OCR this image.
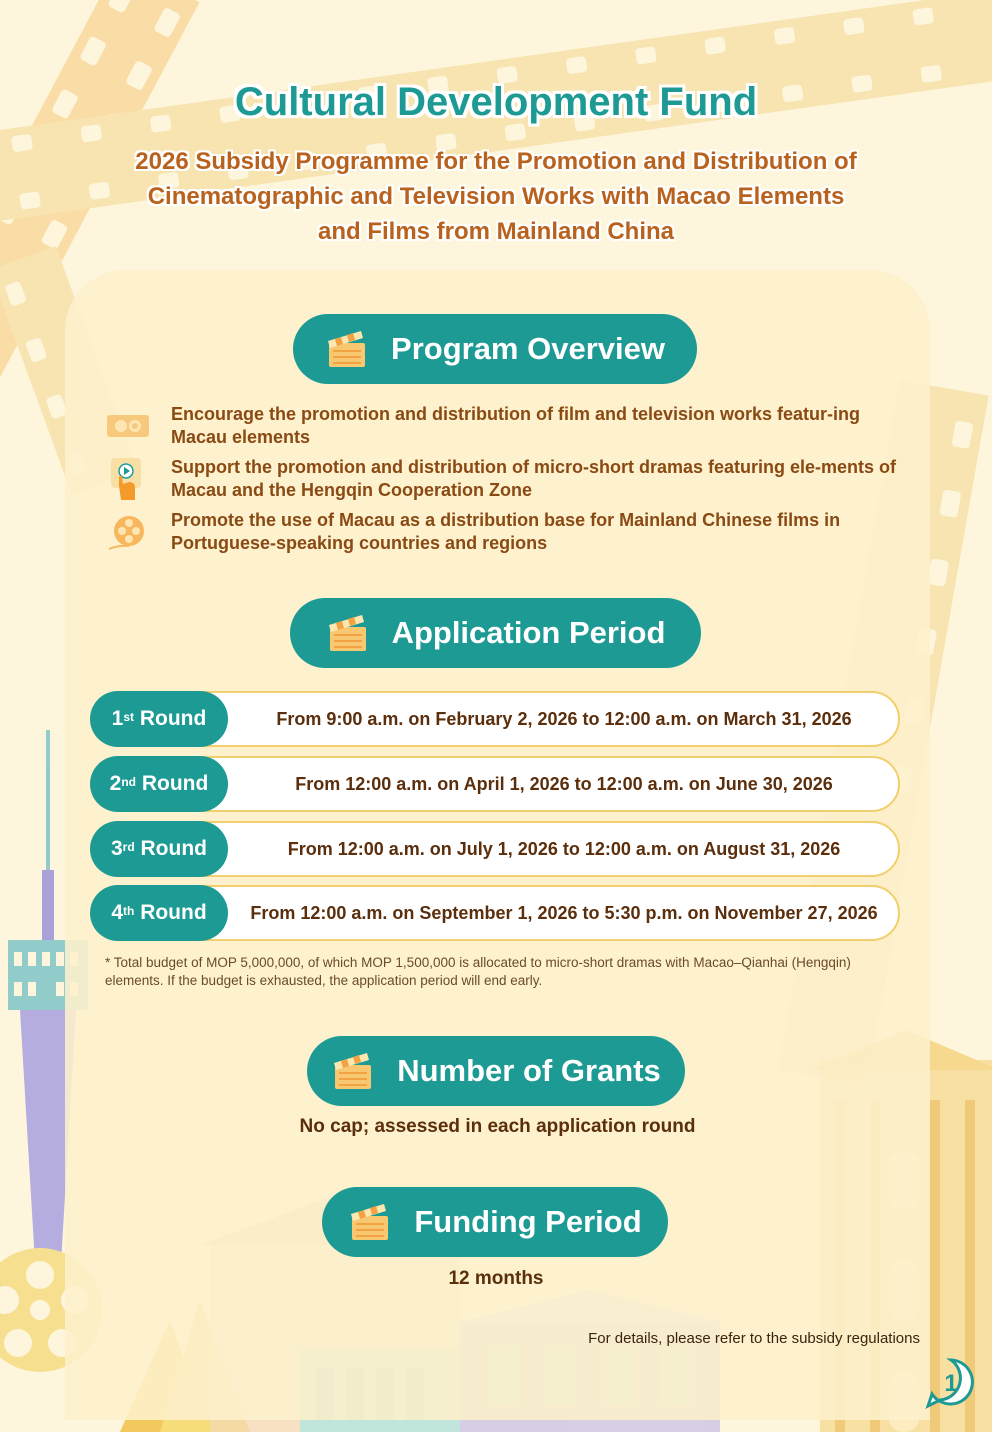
Cultural Development Fund
2026 Subsidy Programme for the Promotion and Distribution of
Cinematographic and Television Works with Macao Elements
and Films from Mainland China
Program Overview
Encourage the promotion and distribution of film and television works featur-ing Macau elements
Support the promotion and distribution of micro-short dramas featuring ele-ments of Macau and the Hengqin Cooperation Zone
Promote the use of Macau as a distribution base for Mainland Chinese films in Portuguese-speaking countries and regions
Application Period
1st
Round	From 9:00 a.m. on February 2, 2026 to 12:00 a.m. on March 31, 2026
2nd
Round	From 12:00 a.m. on April 1, 2026 to 12:00 a.m. on June 30, 2026
3rd
Round	From 12:00 a.m. on July 1, 2026 to 12:00 a.m. on August 31, 2026
4th
Round	From 12:00 a.m. on September 1, 2026 to 5:30 p.m. on November 27, 2026
* Total budget of MOP 5,000,000, of which MOP 1,500,000 is allocated to micro-short dramas with Macao–Qianhai (Hengqin) elements. If the budget is exhausted, the application period will end early.
Number of Grants
No cap; assessed in each application round
Funding Period
12 months
For details, please refer to the subsidy regulations
1
